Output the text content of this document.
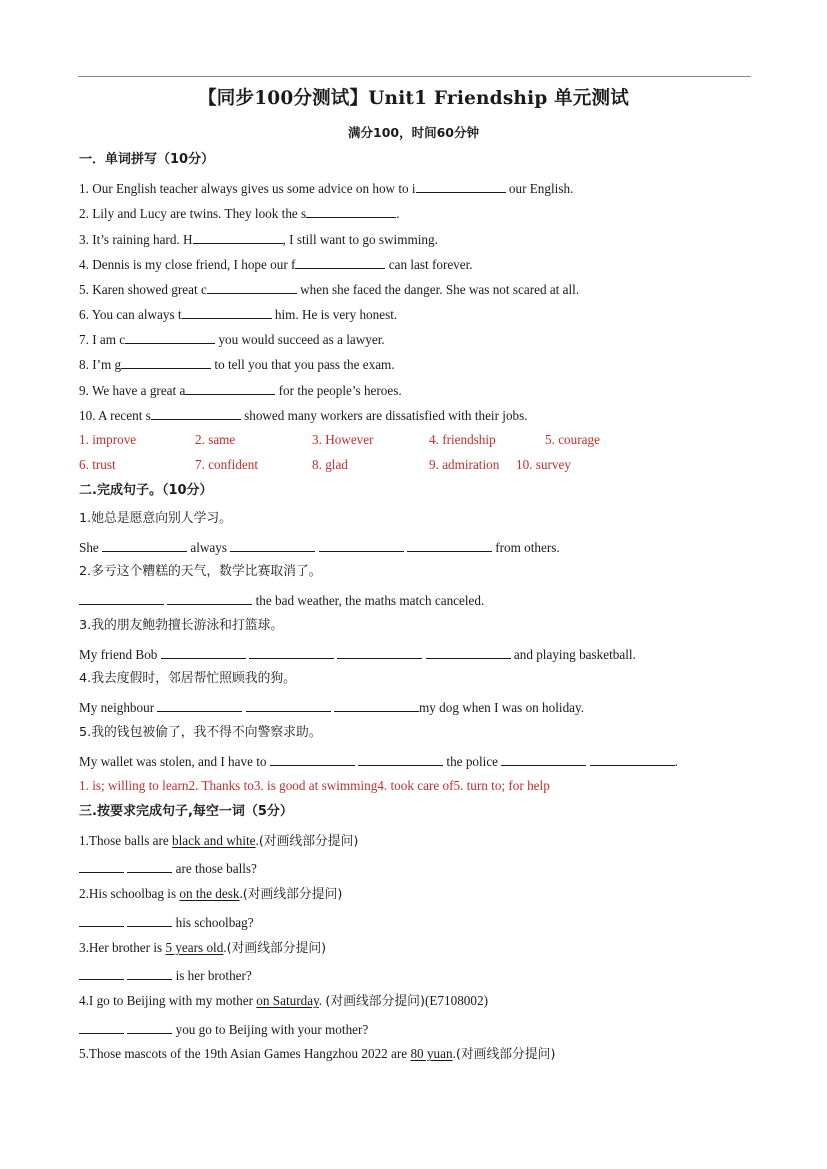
【同步100分测试】Unit1 Friendship 单元测试
满分100，时间60分钟
一．单词拼写（10分）
1. Our English teacher always gives us some advice on how to i	our English.
2. Lily and Lucy are twins. They look the s	.
3. It’s raining hard. H	, I still want to go swimming.
4. Dennis is my close friend, I hope our f	can last forever.
5. Karen showed great c	when she faced the danger. She was not scared at all.
6. You can always t	him. He is very honest.
7. I am c	you would succeed as a lawyer.
8. I’m g	to tell you that you pass the exam.
9. We have a great a	for the people’s heroes.
10. A recent s	showed many workers are dissatisfied with their jobs.
1. improve	2. same	3. However	4. friendship	5. courage
6. trust	7. confident	8. glad	9. admiration 10. survey
二.完成句子。（10分）
1.她总是愿意向别人学习。
She	always	from others.
2.多亏这个糟糕的天气，数学比赛取消了。
the bad weather, the maths match canceled.
3.我的朋友鲍勃擅长游泳和打篮球。
My friend Bob	and playing basketball.
4.我去度假时，邻居帮忙照顾我的狗。
My neighbour	my dog when I was on holiday.
5.我的钱包被偷了，我不得不向警察求助。
My wallet was stolen, and I have to	the police	.
1. is; willing to learn2. Thanks to3. is good at swimming4. took care of5. turn to; for help
三.按要求完成句子,每空一词（5分）
1.Those balls are black and white.(对画线部分提问)
are those balls?
2.His schoolbag is on the desk.(对画线部分提问)
his schoolbag?
3.Her brother is 5 years old.(对画线部分提问)
is her brother?
4.I go to Beijing with my mother on Saturday. (对画线部分提问)(E7108002)
you go to Beijing with your mother?
5.Those mascots of the 19th Asian Games Hangzhou 2022 are 80 yuan.(对画线部分提问)
